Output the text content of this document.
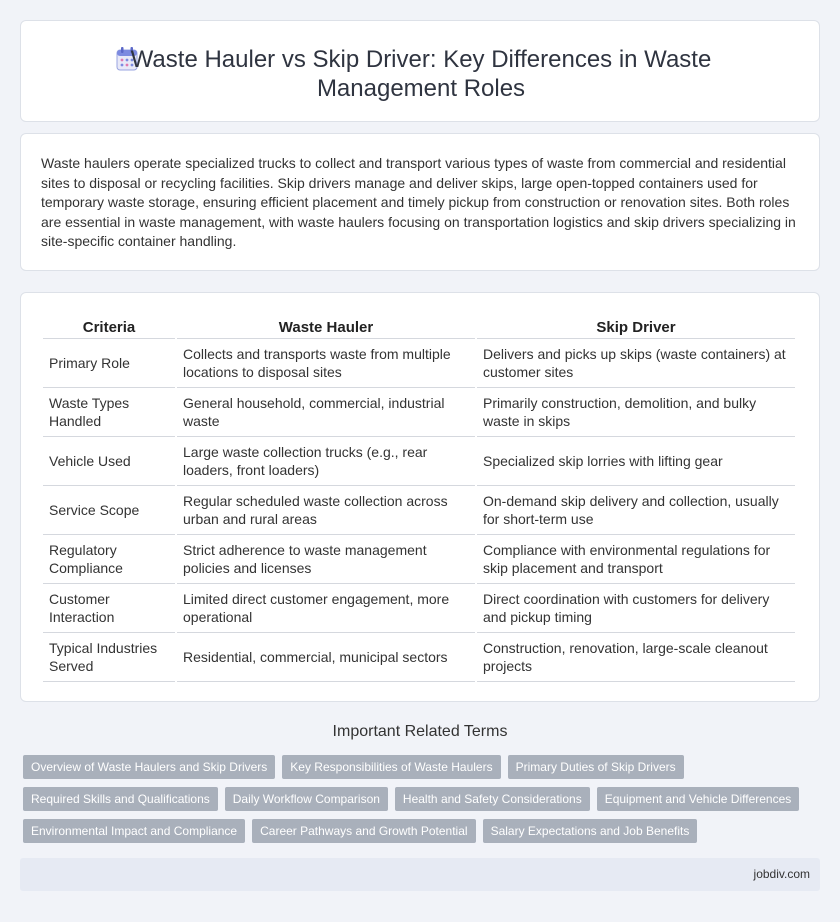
Waste Hauler vs Skip Driver: Key Differences in Waste Management Roles

Waste haulers operate specialized trucks to collect and transport various types of waste from commercial and residential sites to disposal or recycling facilities. Skip drivers manage and deliver skips, large open-topped containers used for temporary waste storage, ensuring efficient placement and timely pickup from construction or renovation sites. Both roles are essential in waste management, with waste haulers focusing on transportation logistics and skip drivers specializing in site-specific container handling.

Criteria	Waste Hauler	Skip Driver
Primary Role	Collects and transports waste from multiple locations to disposal sites	Delivers and picks up skips (waste containers) at customer sites
Waste Types Handled	General household, commercial, industrial waste	Primarily construction, demolition, and bulky waste in skips
Vehicle Used	Large waste collection trucks (e.g., rear loaders, front loaders)	Specialized skip lorries with lifting gear
Service Scope	Regular scheduled waste collection across urban and rural areas	On-demand skip delivery and collection, usually for short-term use
Regulatory Compliance	Strict adherence to waste management policies and licenses	Compliance with environmental regulations for skip placement and transport
Customer Interaction	Limited direct customer engagement, more operational	Direct coordination with customers for delivery and pickup timing
Typical Industries Served	Residential, commercial, municipal sectors	Construction, renovation, large-scale cleanout projects
Important Related Terms
Overview of Waste Haulers and Skip Drivers	Key Responsibilities of Waste Haulers	Primary Duties of Skip Drivers
Required Skills and Qualifications	Daily Workflow Comparison	Health and Safety Considerations	Equipment and Vehicle Differences
Environmental Impact and Compliance	Career Pathways and Growth Potential	Salary Expectations and Job Benefits
jobdiv.com
